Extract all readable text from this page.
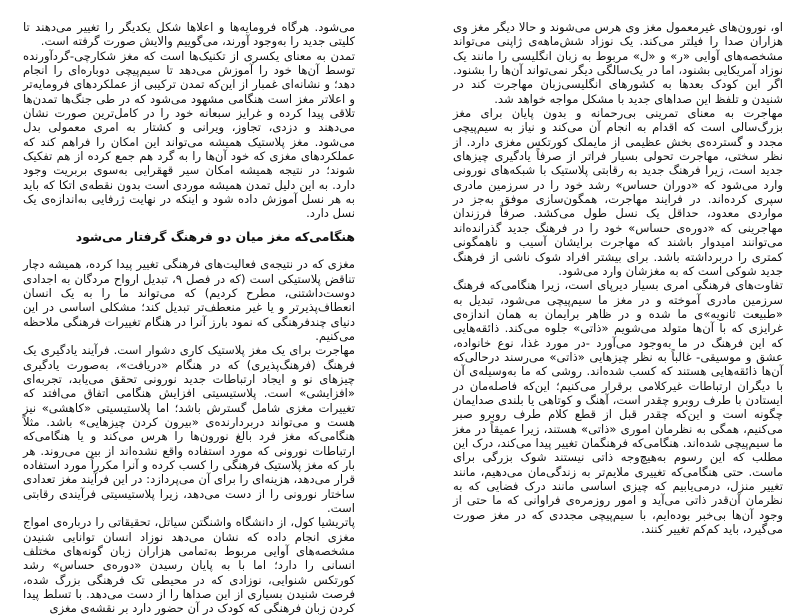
می‌شود. هرگاه فرومایه‌ها و اعلاها شکل یکدیگر را تغییر می‌دهند تا کلیتی جدید را به‌وجود آورند، می‌گوییم والایش صورت گرفته است.

تمدن به معنای یکسری از تکنیک‌ها است که مغز شکارچی-گردآورنده توسط آن‌ها خود را آموزش می‌دهد تا سیم‌پیچی دوباره‌ای را انجام دهد؛ و نشانه‌ای غمبار از این‌که تمدن ترکیبی از عملکردهای فرومایه‌تر و اعلاتر مغز است هنگامی مشهود می‌شود که در طی جنگ‌ها تمدن‌ها تلاقی پیدا کرده و غرایز سبعانه خود را در کامل‌ترین صورت نشان می‌دهند و دزدی، تجاوز، ویرانی و کشتار به امری معمولی بدل می‌شود. مغز پلاستیک همیشه می‌تواند این امکان را فراهم کند که عملکردهای مغزی که خود آن‌ها را به گرد هم جمع کرده از هم تفکیک شوند؛ در نتیجه همیشه امکان سیر قهقرایی به‌سوی بربریت وجود دارد. به این دلیل تمدن همیشه موردی است بدون نقطه‌ی اتکا که باید به هر نسل آموزش داده شود و اینکه در نهایت ژرفایی به‌اندازه‌ی یک نسل دارد.

هنگامی‌که مغز میان دو فرهنگ گرفتار می‌شود

مغزی که در نتیجه‌ی فعالیت‌های فرهنگی تغییر پیدا کرده، همیشه دچار تناقض پلاستیکی است (که در فصل ۹، تبدیل ارواح مردگان به اجدادی دوست‌داشتنی، مطرح کردیم) که می‌تواند ما را به یک انسان انعطاف‌پذیرتر و یا غیر منعطف‌تر تبدیل کند؛ مشکلی اساسی در این دنیای چندفرهنگی که نمود بارز آنرا در هنگام تغییرات فرهنگی ملاحظه می‌کنیم.

مهاجرت برای یک مغز پلاستیک کاری دشوار است. فرآیند یادگیری یک فرهنگ (فرهنگ‌پذیری) که در هنگام «دریافت»، به‌صورت یادگیری چیزهای نو و ایجاد ارتباطات جدید نورونی تحقق می‌یابد، تجربه‌ای «افزایشی» است. پلاستیسیتی افزایش هنگامی اتفاق می‌افتد که تغییرات مغزی شامل گسترش باشد؛ اما پلاستیسیتی «کاهشی» نیز هست و می‌تواند دربردارنده‌ی «بیرون کردن چیزهایی» باشد. مثلاً هنگامی‌که مغز فرد بالغ نورون‌ها را هرس می‌کند و یا هنگامی‌که ارتباطات نورونی که مورد استفاده واقع نشده‌اند از بین می‌روند. هر بار که مغز پلاستیک فرهنگی را کسب کرده و آنرا مکرراً مورد استفاده قرار می‌دهد، هزینه‌ای را برای آن می‌پردازد: در این فرآیند مغز تعدادی ساختار نورونی را از دست می‌دهد، زیرا پلاستیسیتی فرآیندی رقابتی است.

پاتریشیا کول، از دانشگاه واشنگتن سیاتل، تحقیقاتی را درباره‌ی امواج مغزی انجام داده که نشان می‌دهد نوزاد انسان توانایی شنیدن مشخصه‌های آوایی مربوط به‌تمامی هزاران زبان گونه‌های مختلف انسانی را دارد؛ اما با به پایان رسیدن «دوره‌ی حساس» رشد کورتکس شنوایی، نوزادی که در محیطی تک فرهنگی بزرگ شده، فرصت شنیدن بسیاری از این صداها را از دست می‌دهد. با تسلط پیدا کردن زبان فرهنگی که کودک در آن حضور دارد بر نقشه‌ی مغزی

او، نورون‌های غیرمعمول مغز وی هرس می‌شوند و حالا دیگر مغز وی هزاران صدا را فیلتر می‌کند. یک نوزاد شش‌ماهه‌ی ژاپنی می‌تواند مشخصه‌های آوایی «ر» و «ل» مربوط به زبان انگلیسی را مانند یک نوزاد آمریکایی بشنود، اما در یک‌سالگی دیگر نمی‌تواند آن‌ها را بشنود. اگر این کودک بعدها به کشورهای انگلیسی‌زبان مهاجرت کند در شنیدن و تلفظ این صداهای جدید با مشکل مواجه خواهد شد.

مهاجرت به معنای تمرینی بی‌رحمانه و بدون پایان برای مغز بزرگ‌سالی است که اقدام به انجام آن می‌کند و نیاز به سیم‌پیچی مجدد و گسترده‌ی بخش عظیمی از مایملک کورتکس مغزی دارد. از نظر سختی، مهاجرت تحولی بسیار فراتر از صرفاً یادگیری چیزهای جدید است، زیرا فرهنگ جدید به رقابتی پلاستیک با شبکه‌های نورونی وارد می‌شود که «دوران حساس» رشد خود را در سرزمین مادری سپری کرده‌اند. در فرایند مهاجرت، همگون‌سازی موفق به‌جز در مواردی معدود، حداقل یک نسل طول می‌کشد. صرفاً فرزندان مهاجرینی که «دوره‌ی حساس» خود را در فرهنگ جدید گذرانده‌اند می‌توانند امیدوار باشند که مهاجرت برایشان آسیب و ناهمگونی کمتری را دربرداشته باشد. برای بیشتر افراد شوک ناشی از فرهنگ جدید شوکی است که به مغزشان وارد می‌شود.

تفاوت‌های فرهنگی امری بسیار دیرپای است، زیرا هنگامی‌که فرهنگ سرزمین مادری آموخته و در مغز ما سیم‌پیچی می‌شود، تبدیل به «طبیعت ثانویه»‌ی ما شده و در ظاهر برایمان به همان اندازه‌ی غرایزی که با آن‌ها متولد می‌شویم «ذاتی» جلوه می‌کند. ذائقه‌هایی که این فرهنگ در ما به‌وجود می‌آورد -در مورد غذا، نوع خانواده، عشق و موسیقی- غالباً به نظر چیزهایی «ذاتی» می‌رسند درحالی‌که آن‌ها ذائقه‌هایی هستند که کسب شده‌اند. روشی که ما به‌وسیله‌ی آن با دیگران ارتباطات غیرکلامی برقرار می‌کنیم؛ این‌که فاصله‌مان در ایستادن با طرف روبرو چقدر است، آهنگ و کوتاهی یا بلندی صدایمان چگونه است و این‌که چقدر قبل از قطع کلام طرف روبرو صبر می‌کنیم، همگی به نظرمان اموری «ذاتی» هستند، زیرا عمیقاً در مغز ما سیم‌پیچی شده‌اند. هنگامی‌که فرهنگمان تغییر پیدا می‌کند، درک این مطلب که این رسوم به‌هیچ‌وجه ذاتی نیستند شوک بزرگی برای ماست. حتی هنگامی‌که تغییری ملایم‌تر به زندگی‌مان می‌دهیم، مانند تغییر منزل، درمی‌یابیم که چیزی اساسی مانند درک فضایی که به نظرمان آن‌قدر ذاتی می‌آید و امور روزمره‌ی فراوانی که ما حتی از وجود آن‌ها بی‌خبر بوده‌ایم، با سیم‌پیچی مجددی که در مغز صورت می‌گیرد، باید کم‌کم تغییر کنند.
